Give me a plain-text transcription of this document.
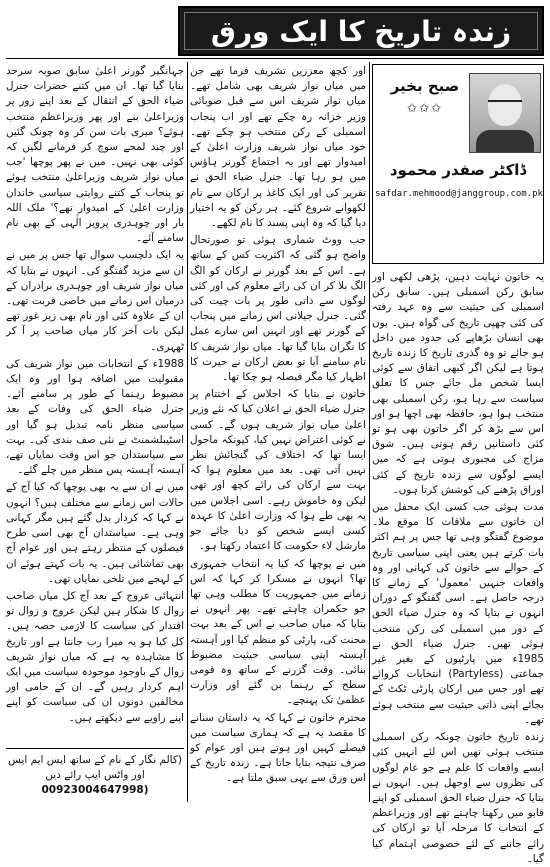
زندہ تاریخ کا ایک ورق
صبح بخیر
✩✩✩
ڈاکٹر صفدر محمود
safdar.mehmood@janggroup.com.pk

یہ خاتون نہایت ذہین، پڑھی لکھی اور سابق رکن اسمبلی ہیں۔ سابق رکن اسمبلی کی حیثیت سے وہ عہد رفتہ کی کئی چھپی تاریخ کی گواہ ہیں۔ یوں بھی انسان بڑھاپے کی حدود میں داخل ہو جائے تو وہ گذری تاریخ کا زندہ تاریخ ہوتا ہے لیکن اگر کبھی اتفاق سے کوئی ایسا شخص مل جائے جس کا تعلق سیاست سے رہا ہو، رکن اسمبلی بھی منتخب ہوا ہو، حافظہ بھی اچھا ہو اور اس سے بڑھ کر اگر خاتون بھی ہو تو کئی داستانیں رقم ہوتی ہیں۔ شوق مزاج کی مجبوری ہوتی ہے کہ میں ایسے لوگوں سے زندہ تاریخ کے کئی اوراق پڑھنے کی کوشش کرتا ہوں۔

مدت ہوئی جب کسی ایک محفل میں ان خاتون سے ملاقات کا موقع ملا۔ موضوع گفتگو وہی تھا جس پر ہم اکثر بات کرتے ہیں یعنی اپنی سیاسی تاریخ کے حوالے سے خاتون کی کہانی اور وہ واقعات جنہیں 'معمول' کے زمانے کا درجہ حاصل ہے۔ اسی گفتگو کے دوران انہوں نے بتایا کہ وہ جنرل ضیاء الحق کے دور میں اسمبلی کی رکن منتخب ہوئی تھیں۔ جنرل ضیاء الحق نے 1985ء میں پارٹیوں کے بغیر غیر جماعتی (Partyless) انتخابات کروائے تھے اور جس میں ارکان پارٹی ٹکٹ کے بجائے اپنی ذاتی حیثیت سے منتخب ہوئے تھے۔

زندہ تاریخ خاتون چونکہ رکن اسمبلی منتخب ہوئی تھیں اس لئے انہیں کئی ایسے واقعات کا علم ہے جو عام لوگوں کی نظروں سے اوجھل ہیں۔ انہوں نے بتایا کہ جنرل ضیاء الحق اسمبلی کو اپنے قابو میں رکھنا چاہتے تھے اور وزیراعظم کے انتخاب کا مرحلہ آیا تو ارکان کی رائے جاننے کے لئے خصوصی اہتمام کیا گیا۔

اور کچھ معززین تشریف فرما تھے جن میں میاں نواز شریف بھی شامل تھے۔ میاں نواز شریف اس سے قبل صوبائی وزیر خزانہ رہ چکے تھے اور اب پنجاب اسمبلی کے رکن منتخب ہو چکے تھے۔ خود میاں نواز شریف وزارت اعلیٰ کے امیدوار تھے اور یہ اجتماع گورنر ہاؤس میں ہو رہا تھا۔ جنرل ضیاء الحق نے تقریر کی اور ایک کاغذ پر ارکان سے نام لکھوانے شروع کئے۔ ہر رکن کو یہ اختیار دیا گیا کہ وہ اپنی پسند کا نام لکھے۔

جب ووٹ شماری ہوئی تو صورتحال واضح ہو گئی کہ اکثریت کس کے ساتھ ہے۔ اس کے بعد گورنر نے ارکان کو الگ الگ بلا کر ان کی رائے معلوم کی اور کئی لوگوں سے ذاتی طور پر بات چیت کی گئی۔ جنرل جیلانی اس زمانے میں پنجاب کے گورنر تھے اور انہیں اس سارے عمل کا نگران بنایا گیا تھا۔ میاں نواز شریف کا نام سامنے آیا تو بعض ارکان نے حیرت کا اظہار کیا مگر فیصلہ ہو چکا تھا۔

خاتون نے بتایا کہ اجلاس کے اختتام پر جنرل ضیاء الحق نے اعلان کیا کہ نئے وزیر اعلیٰ میاں نواز شریف ہوں گے۔ کسی نے کوئی اعتراض نہیں کیا، کیونکہ ماحول ایسا تھا کہ اختلاف کی گنجائش نظر نہیں آتی تھی۔ بعد میں معلوم ہوا کہ بہت سے ارکان کی رائے کچھ اور تھی لیکن وہ خاموش رہے۔ اسی اجلاس میں یہ بھی طے ہوا کہ وزارت اعلیٰ کا عہدہ کسی ایسے شخص کو دیا جائے جو مارشل لاء حکومت کا اعتماد رکھتا ہو۔

میں نے پوچھا کہ کیا یہ انتخاب جمہوری تھا؟ انہوں نے مسکرا کر کہا کہ اس زمانے میں جمہوریت کا مطلب وہی تھا جو حکمران چاہتے تھے۔ پھر انہوں نے بتایا کہ میاں صاحب نے اس کے بعد بہت محنت کی، پارٹی کو منظم کیا اور آہستہ آہستہ اپنی سیاسی حیثیت مضبوط بنائی۔ وقت گزرنے کے ساتھ وہ قومی سطح کے رہنما بن گئے اور وزارت عظمیٰ تک پہنچے۔

محترم خاتون نے کہا کہ یہ داستان سنانے کا مقصد یہ ہے کہ ہماری سیاست میں فیصلے کہیں اور ہوتے ہیں اور عوام کو صرف نتیجہ بتایا جاتا ہے۔ زندہ تاریخ کے اس ورق سے یہی سبق ملتا ہے۔

جہانگیر گورنر اعلیٰ سابق صوبہ سرحد بنایا گیا تھا۔ ان میں کتنے حضرات جنرل ضیاء الحق کے انتقال کے بعد اپنے زور پر وزیراعلیٰ بنے اور پھر وزیراعظم منتخب ہوئے؟ میری بات سن کر وہ چونک گئیں اور چند لمحے سوچ کر فرمانے لگیں کہ کوئی بھی نہیں۔ میں نے پھر پوچھا 'جب میاں نواز شریف وزیراعلیٰ منتخب ہوئے تو پنجاب کے کتنے روایتی سیاسی خاندان وزارت اعلیٰ کے امیدوار تھے؟' ملک اللہ یار اور چوہدری پرویز الٰہی کے بھی نام سامنے آئے۔

یہ ایک دلچسپ سوال تھا جس پر میں نے ان سے مزید گفتگو کی۔ انہوں نے بتایا کہ میاں نواز شریف اور چوہدری برادران کے درمیان اس زمانے میں خاصی قربت تھی۔ ان کے علاوہ کئی اور نام بھی زیر غور تھے لیکن بات آخر کار میاں صاحب پر آ کر ٹھہری۔

1988ء کے انتخابات میں نواز شریف کی مقبولیت میں اضافہ ہوا اور وہ ایک مضبوط رہنما کے طور پر سامنے آئے۔ جنرل ضیاء الحق کی وفات کے بعد سیاسی منظر نامہ تبدیل ہو گیا اور اسٹیبلشمنٹ نے نئی صف بندی کی۔ بہت سے سیاستدان جو اس وقت نمایاں تھے، آہستہ آہستہ پس منظر میں چلے گئے۔

میں نے ان سے یہ بھی پوچھا کہ کیا آج کے حالات اس زمانے سے مختلف ہیں؟ انہوں نے کہا کہ کردار بدل گئے ہیں مگر کہانی وہی ہے۔ سیاستدان آج بھی اسی طرح فیصلوں کے منتظر رہتے ہیں اور عوام آج بھی تماشائی ہیں۔ یہ بات کہتے ہوئے ان کے لہجے میں تلخی نمایاں تھی۔

انتہائی عروج کے بعد آج کل میاں صاحب زوال کا شکار ہیں لیکن عروج و زوال تو اقتدار کی سیاست کا لازمی حصہ ہیں۔ کل کیا ہو یہ میرا رب جانتا ہے اور تاریخ کا مشاہدہ یہ ہے کہ میاں نواز شریف زوال کے باوجود موجودہ سیاست میں ایک اہم کردار رہیں گے۔ ان کے حامی اور مخالفین دونوں ان کی سیاست کو اپنے اپنے زاویے سے دیکھتے ہیں۔

(کالم نگار کے نام کے ساتھ ایس ایم ایس اور واٹس ایپ رائے دیں
00923004647998)
